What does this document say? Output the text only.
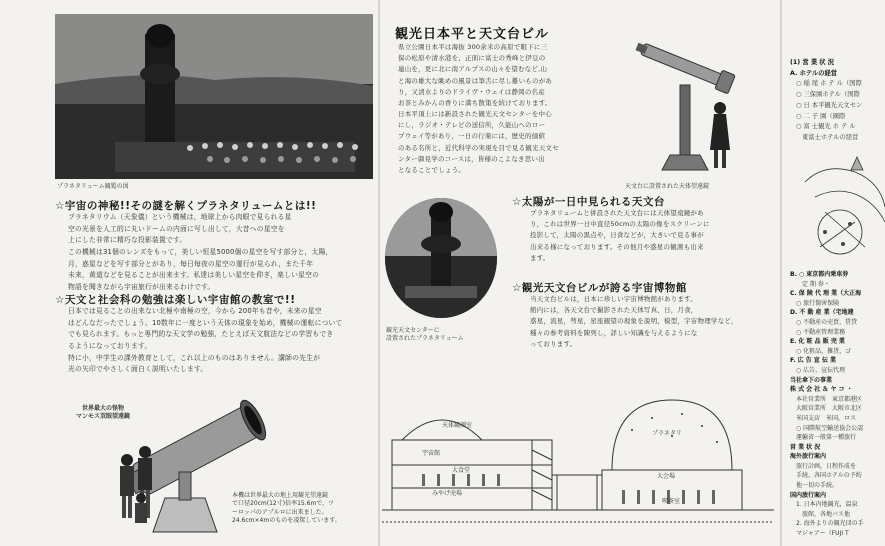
プラネタリューム観覧の図
☆宇宙の神秘!!その謎を解くプラネタリュームとは!!

プラネタリウム（天象儀）という機械は，地球上から肉眼で見られる星

空の光景を人工的に丸いドームの内面に写し出して，大昔への星空を

上にした非常に精巧な投影装置です。

この機械は31個のレンズをもって，美しい恒星5000個の星空を写す部分と，太陽，

月，惑星などを写す部分とがあり，毎日毎夜の星空の運行が見られ，また千年

未来，黄道などを見ることが出来ます。私達は美しい星空を仰ぎ，楽しい星空の

物語を聞きながら宇宙旅行が出来るわけです。

☆天文と社会科の勉強は楽しい宇宙館の教室で!!

日本では見ることの出来ない北極や南極の空，今から 200年も昔や，未来の星空

はどんなだったでしょう。10数年に一度という天体の現象を始め，機械の運転について

でも見られます。もっと専門的な天文学の勉強，たとえば天文航法などの学習もでき

るようになっております。

特に小，中学生の課外教育として，これ以上のものはありません。講師の先生が

光の矢印でやさしく面白く説明いたします。

世界最大の怪物
マンモス双眼望遠鏡
本機は世界最大の地上用観光望遠鏡
で口径20cm(12寸)倍率15.6mで，ツ
ーロッパのアプルロに出来ました。
24.6cm×4mのものを凌駕しています。
観光日本平と天文台ビル

県立公園日本平は海抜 300余米の高原で眼下に三

保の松原や清水港を，正面に富士の秀峰と伊豆の

連山を，更に北に南アルプスの山々を望むなど,山

と海の雄大な眺めの風景は筆舌に尽し難いものがあ

り，又清水よりのドライヴ・ウェイは静岡の名産

お茶とみかんの香りに満ち散策を続けております。

日本平頂上には新設された観光天文センターを中心

にし，ラジオ・テレビの送信所，久能山へのロー

プウェイ等があり，一日の行楽には，歴史的価値

のある名所と，近代科学の実現を目で見る観光天文セ

ンター御見学のコースは，皆様のこよなき思い出

となることでしょう。

天文台に設置された天体望遠鏡
観光天文センターに
設置されたプラネタリューム
☆太陽が一日中見られる天文台

プラネタリュームと併設された天文台には天体望遠鏡があ

り，これは世界一日中直径50cmの太陽の像をスクリーンに

投影して，太陽の黒点や，日食などが，大きいで見る事が

出来る様になっております。その他月や惑星の観測も出来

ます。

☆観光天文台ビルが誇る宇宙博物館

当天文台ビルは，日本に珍しい宇宙博物館があります。

館内には，各天文台で撮影された天体写真，日，月食，

惑星，流星，彗星，星座観望の現象を説明，模型，宇宙物理学など，

種々の参考資料を陳列し，詳しい知識を与えるようにな

っております。

天体観測室
宇宙館
プラネタリ
大食堂
大会場
みやげ売場
喫茶室
(1) 営 業 状 況
A. ホテルの経営
○ 稲 尾 ホ テ ル（国際
○ 三保園ホテル（国際
○ 日 本平観光天文セン
○ 二 子 園（國際
○ 富 士観光 ホ テ ル
東富士ホテルの経営
B. ○ 東京都内乗車券
定 期 券・
C. 保 険 代 理 業（大正海
○ 旅行傷害保険
D. 不 動 産 業（宅地建
○ 不動産の売買，賃貸
○ 不動産管理業務
E. 化 粧 品 販 売 業
○ 化粧品，雑貨，ゴ
F. 広 告 宣 伝 業
○ 広告，宣伝代理
当社傘下の事業
株 式 会 社 ＆ ヤ コ ・
本社営業所　東京都港区
大阪営業所　大阪市北区
米国支店　米国，ロス
○ 国際航空輸送協会公認
運輸省一般第一種旅行
営 業 状 況
海外旅行案内
旅行計画，日程作成を
手続，各国ホテルの予約
他一切の手続。
国内旅行案内
1. 日本内地観光，温泉
　旅館，各地バス他
2. 海外よりの観光団の手
マジャアー（FUJI T
